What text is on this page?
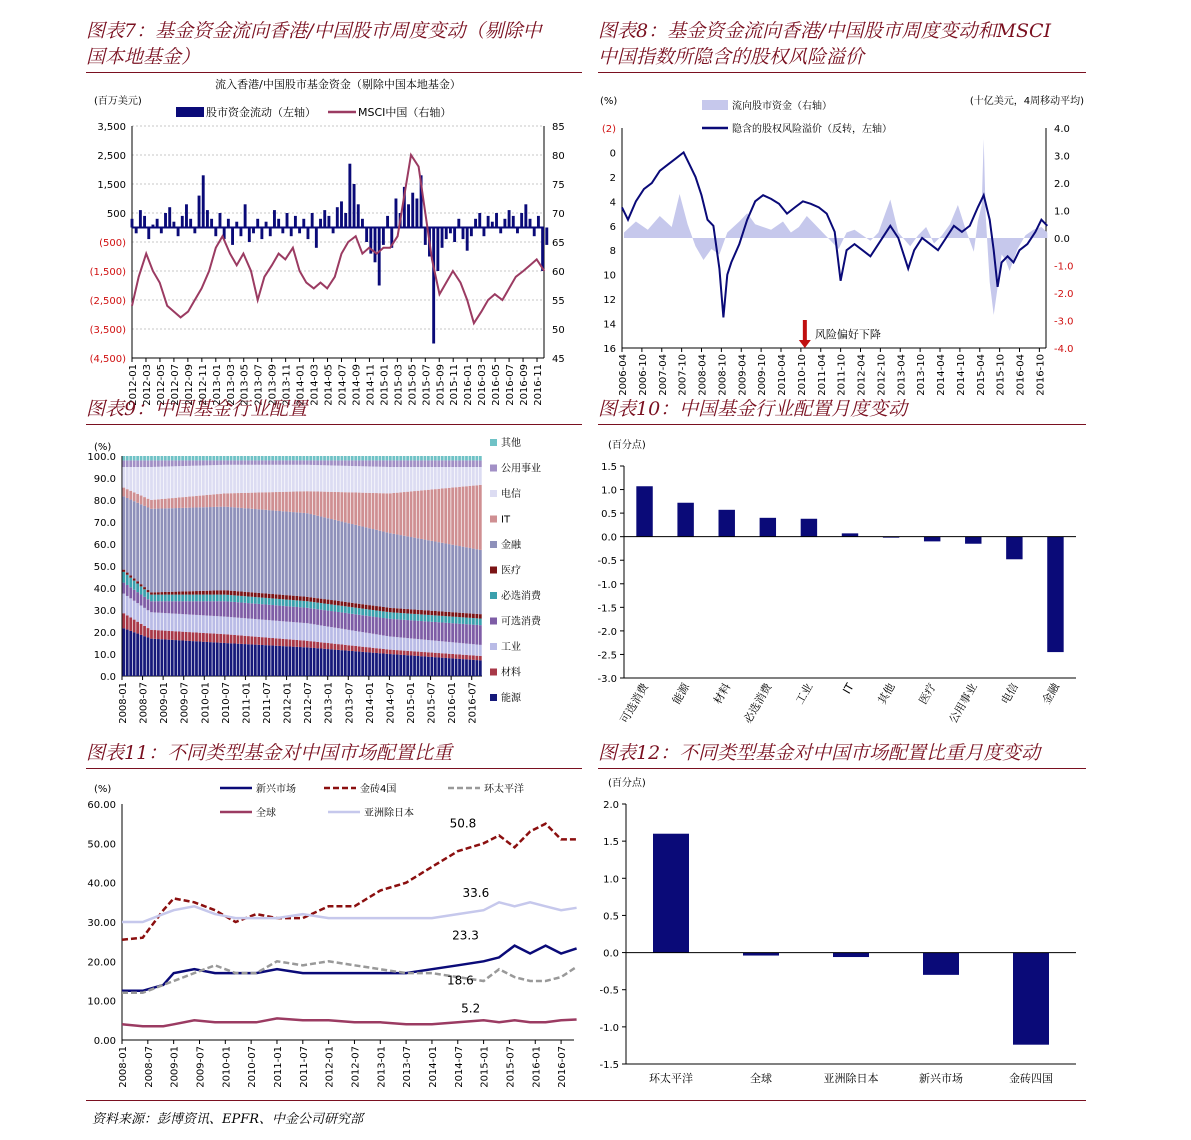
图表7：基金资金流向香港/中国股市周度变动（剔除中
国本地基金）
流入香港/中国股市基金资金（剔除中国本地基金）
(百万美元)
股市资金流动（左轴）	MSCI中国（右轴）
3,500
2,500
1,500
500
(500)
(1,500)
(2,500)
(3,500)
(4,500)
85
80
75
70
65
60
55
50
45
2012-01 2012-03 2012-05 2012-07 2012-09 2012-11 2013-01 2013-03 2013-05 2013-07 2013-09 2013-11 2014-01 2014-03 2014-05 2014-07 2014-09 2014-11 2015-01 2015-03 2015-05 2015-07 2015-09 2015-11 2016-01 2016-03 2016-05 2016-07 2016-09 2016-11
图表8：基金资金流向香港/中国股市周度变动和MSCI
中国指数所隐含的股权风险溢价
(%)	(十亿美元，4周移动平均)
流向股市资金（右轴）
隐含的股权风险溢价（反转，左轴）
(2)
0
2
4
6
8
10
12
14
16
4.0
3.0
2.0
1.0
0.0
-1.0
-2.0
-3.0
-4.0
风险偏好下降
2006-04 2006-10 2007-04 2007-10 2008-04 2008-10 2009-04 2009-10 2010-04 2010-10 2011-04 2011-10 2012-04 2012-10 2013-04 2013-10 2014-04 2014-10 2015-04 2015-10 2016-04 2016-10
图表9：中国基金行业配置
(%)
0.0
10.0
20.0
30.0
40.0
50.0
60.0
70.0
80.0
90.0
100.0
其他
公用事业
电信
IT
金融
医疗
必选消费
可选消费
工业
材料
能源
2008-01 2008-07 2009-01 2009-07 2010-01 2010-07 2011-01 2011-07 2012-01 2012-07 2013-01 2013-07 2014-01 2014-07 2015-01 2015-07 2016-01 2016-07
图表10：中国基金行业配置月度变动
(百分点)
1.5
1.0
0.5
0.0
-0.5
-1.0
-1.5
-2.0
-2.5
-3.0
可选消费 能源 材料 必选消费 工业 IT 其他 医疗 公用事业 电信 金融
图表11：不同类型基金对中国市场配置比重
(%)
0.00
10.00
20.00
30.00
40.00
50.00
60.00
新兴市场	金砖4国	环太平洋
全球	亚洲除日本
50.8
33.6
23.3
18.6
5.2
2008-01 2008-07 2009-01 2009-07 2010-01 2010-07 2011-01 2011-07 2012-01 2012-07 2013-01 2013-07 2014-01 2014-07 2015-01 2015-07 2016-01 2016-07
图表12：不同类型基金对中国市场配置比重月度变动
(百分点)
2.0
1.5
1.0
0.5
0.0
-0.5
-1.0
-1.5
环太平洋	全球	亚洲除日本	新兴市场	金砖四国
资料来源：彭博资讯、EPFR、中金公司研究部
